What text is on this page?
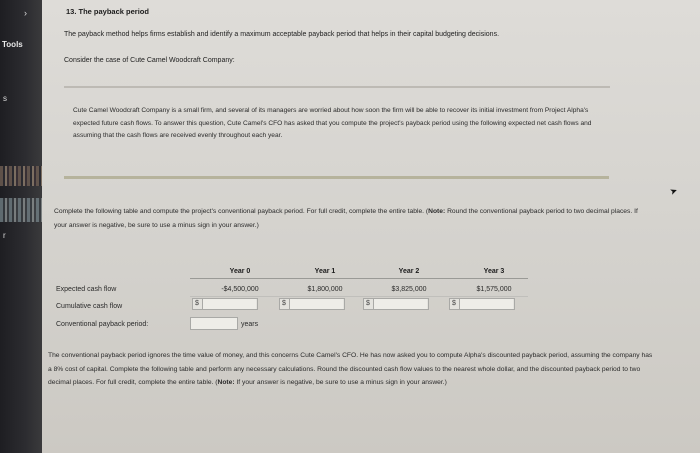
›
Tools
s
r
13. The payback period
The payback method helps firms establish and identify a maximum acceptable payback period that helps in their capital budgeting decisions.
Consider the case of Cute Camel Woodcraft Company:
Cute Camel Woodcraft Company is a small firm, and several of its managers are worried about how soon the firm will be able to recover its initial investment from Project Alpha's expected future cash flows. To answer this question, Cute Camel's CFO has asked that you compute the project's payback period using the following expected net cash flows and assuming that the cash flows are received evenly throughout each year.
Complete the following table and compute the project's conventional payback period. For full credit, complete the entire table. (Note: Round the conventional payback period to two decimal places. If your answer is negative, be sure to use a minus sign in your answer.)
Year 0	Year 1	Year 2	Year 3
Expected cash flow	-$4,500,000	$1,800,000	$3,825,000	$1,575,000
Cumulative cash flow	$	$	$	$
Conventional payback period:	years
The conventional payback period ignores the time value of money, and this concerns Cute Camel's CFO. He has now asked you to compute Alpha's discounted payback period, assuming the company has a 8% cost of capital. Complete the following table and perform any necessary calculations. Round the discounted cash flow values to the nearest whole dollar, and the discounted payback period to two decimal places. For full credit, complete the entire table. (Note: If your answer is negative, be sure to use a minus sign in your answer.)
➤
